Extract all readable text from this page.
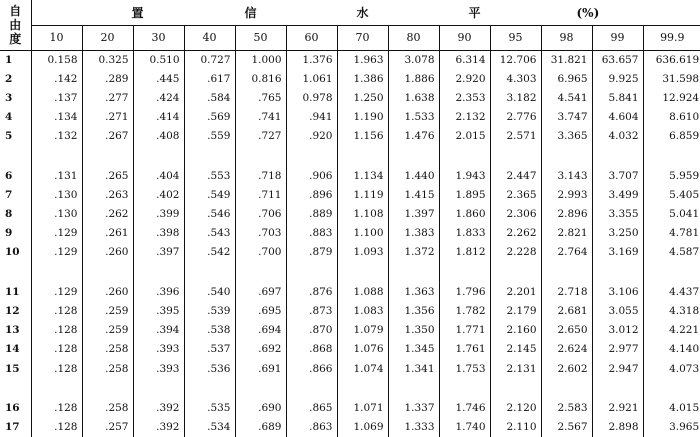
自由度	置 信 水 平 (%)												
	10	20	30	40	50	60	70	80	90	95	98	99	99.9
1	0.158	0.325	0.510	0.727	1.000	1.376	1.963	3.078	6.314	12.706	31.821	63.657	636.619
2	.142	.289	.445	.617	0.816	1.061	1.386	1.886	2.920	4.303	6.965	9.925	31.598
3	.137	.277	.424	.584	.765	0.978	1.250	1.638	2.353	3.182	4.541	5.841	12.924
4	.134	.271	.414	.569	.741	.941	1.190	1.533	2.132	2.776	3.747	4.604	8.610
5	.132	.267	.408	.559	.727	.920	1.156	1.476	2.015	2.571	3.365	4.032	6.859

6	.131	.265	.404	.553	.718	.906	1.134	1.440	1.943	2.447	3.143	3.707	5.959
7	.130	.263	.402	.549	.711	.896	1.119	1.415	1.895	2.365	2.993	3.499	5.405
8	.130	.262	.399	.546	.706	.889	1.108	1.397	1.860	2.306	2.896	3.355	5.041
9	.129	.261	.398	.543	.703	.883	1.100	1.383	1.833	2.262	2.821	3.250	4.781
10	.129	.260	.397	.542	.700	.879	1.093	1.372	1.812	2.228	2.764	3.169	4.587

11	.129	.260	.396	.540	.697	.876	1.088	1.363	1.796	2.201	2.718	3.106	4.437
12	.128	.259	.395	.539	.695	.873	1.083	1.356	1.782	2.179	2.681	3.055	4.318
13	.128	.259	.394	.538	.694	.870	1.079	1.350	1.771	2.160	2.650	3.012	4.221
14	.128	.258	.393	.537	.692	.868	1.076	1.345	1.761	2.145	2.624	2.977	4.140
15	.128	.258	.393	.536	.691	.866	1.074	1.341	1.753	2.131	2.602	2.947	4.073

16	.128	.258	.392	.535	.690	.865	1.071	1.337	1.746	2.120	2.583	2.921	4.015
17	.128	.257	.392	.534	.689	.863	1.069	1.333	1.740	2.110	2.567	2.898	3.965
